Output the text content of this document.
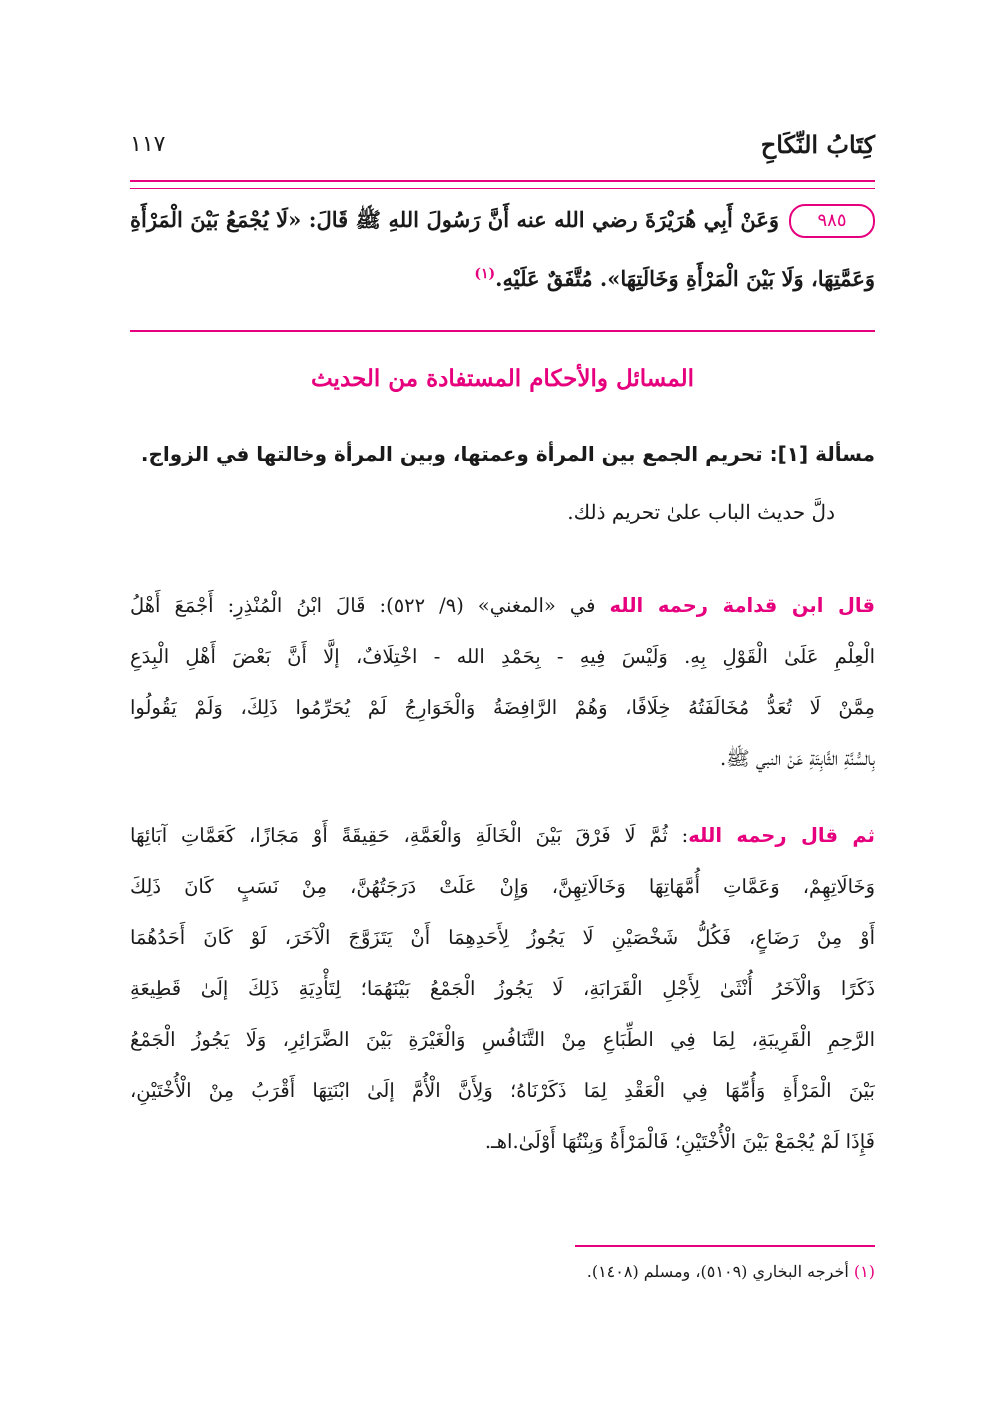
كِتَابُ النِّكَاحِ
١١٧
٩٨٥
وَعَنْ أَبِي هُرَيْرَةَ رضي الله عنه أَنَّ رَسُولَ اللهِ ﷺ قَالَ: «لَا يُجْمَعُ بَيْنَ الْمَرْأَةِ
وَعَمَّتِهَا، وَلَا بَيْنَ الْمَرْأَةِ وَخَالَتِهَا». مُتَّفَقٌ عَلَيْهِ.$^{(١)}$
المسائل والأحكام المستفادة من الحديث
مسألة [١]: تحريم الجمع بين المرأة وعمتها، وبين المرأة وخالتها في الزواج.
دلَّ حديث الباب علىٰ تحريم ذلك.
قال ابن قدامة رحمه الله في «المغني» (٩/ ٥٢٢): قَالَ ابْنُ الْمُنْذِرِ: أَجْمَعَ أَهْلُ
الْعِلْمِ عَلَىٰ الْقَوْلِ بِهِ. وَلَيْسَ فِيهِ - بِحَمْدِ الله - اخْتِلَافٌ، إلَّا أَنَّ بَعْضَ أَهْلِ الْبِدَعِ
مِمَّنْ لَا تُعَدُّ مُخَالَفَتُهُ خِلَافًا، وَهُمْ الرَّافِضَةُ وَالْخَوَارِجُ لَمْ يُحَرِّمُوا ذَلِكَ، وَلَمْ يَقُولُوا
بِالسُّنَّةِ الثَّابِتَةِ عَنْ النبي ﷺ.
ثم قال رحمه الله: ثُمَّ لَا فَرْقَ بَيْنَ الْخَالَةِ وَالْعَمَّةِ، حَقِيقَةً أَوْ مَجَازًا، كَعَمَّاتِ آبَائِهَا
وَخَالَاتِهِمْ، وَعَمَّاتِ أُمَّهَاتِهَا وَخَالَاتِهِنَّ، وَإِنْ عَلَتْ دَرَجَتُهُنَّ، مِنْ نَسَبٍ كَانَ ذَلِكَ
أَوْ مِنْ رَضَاعٍ، فَكُلُّ شَخْصَيْنِ لَا يَجُوزُ لِأَحَدِهِمَا أَنْ يَتَزَوَّجَ الْآخَرَ، لَوْ كَانَ أَحَدُهُمَا
ذَكَرًا وَالْآخَرُ أُنْثَىٰ لِأَجْلِ الْقَرَابَةِ، لَا يَجُوزُ الْجَمْعُ بَيْنَهُمَا؛ لِتَأْدِيَةِ ذَلِكَ إلَىٰ قَطِيعَةِ
الرَّحِمِ الْقَرِيبَةِ، لِمَا فِي الطِّبَاعِ مِنْ التَّنَافُسِ وَالْغَيْرَةِ بَيْنَ الضَّرَائِرِ، وَلَا يَجُوزُ الْجَمْعُ
بَيْنَ الْمَرْأَةِ وَأُمِّهَا فِي الْعَقْدِ لِمَا ذَكَرْنَاهُ؛ وَلِأَنَّ الْأُمَّ إلَىٰ ابْنَتِهَا أَقْرَبُ مِنْ الْأُخْتَيْنِ،
فَإِذَا لَمْ يُجْمَعْ بَيْنَ الْأُخْتَيْنِ؛ فَالْمَرْأَةُ وَبِنْتُهَا أَوْلَىٰ.اهـ.
(١) أخرجه البخاري (٥١٠٩)، ومسلم (١٤٠٨).
